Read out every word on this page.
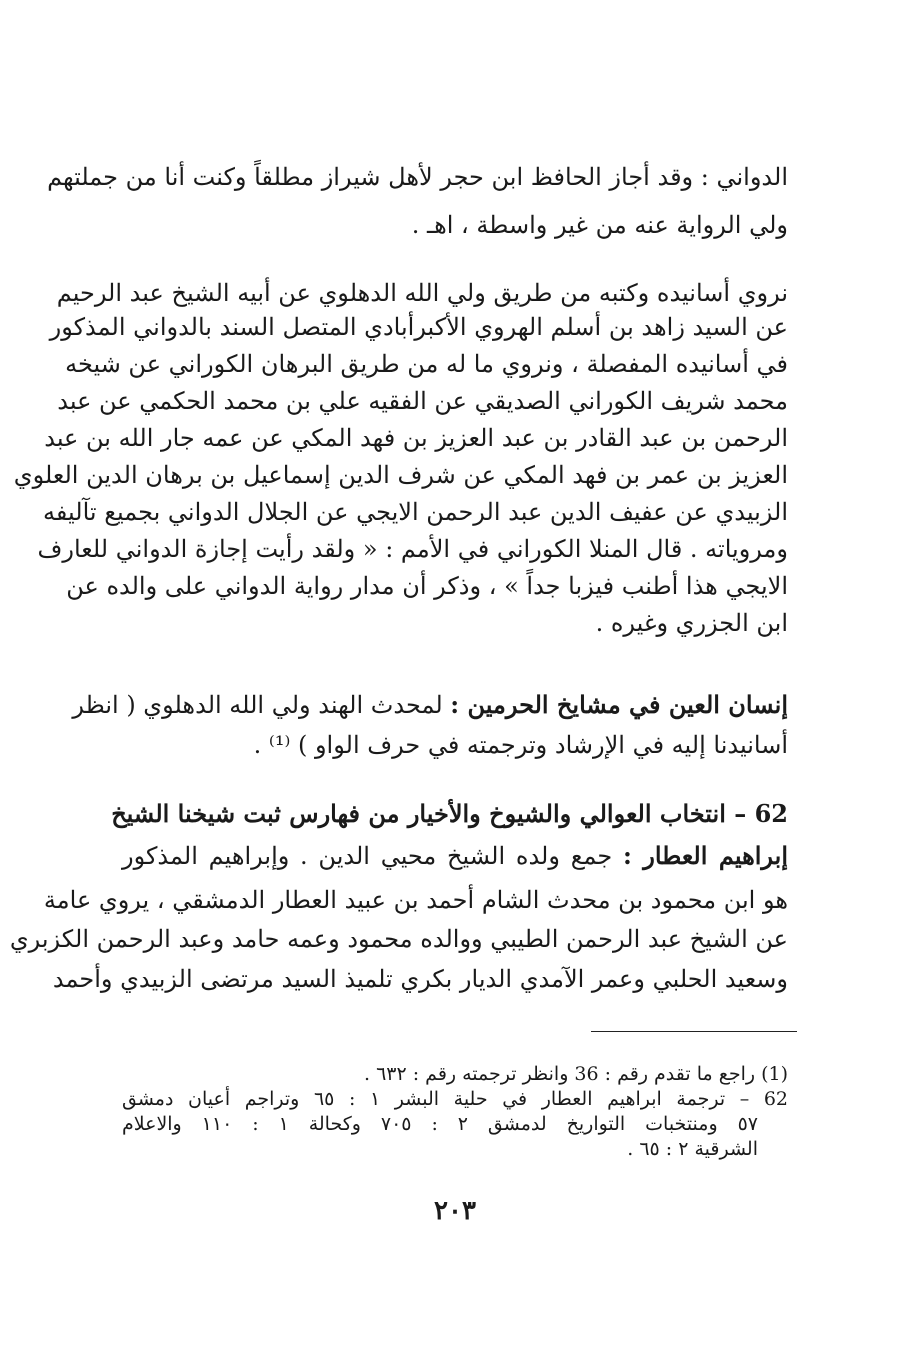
الدواني : وقد أجاز الحافظ ابن حجر لأهل شيراز مطلقاً وكنت أنا من جملتهم
ولي الرواية عنه من غير واسطة ، اهـ .
نروي أسانيده وكتبه من طريق ولي الله الدهلوي عن أبيه الشيخ عبد الرحيم
عن السيد زاهد بن أسلم الهروي الأكبرأبادي المتصل السند بالدواني المذكور
في أسانيده المفصلة ، ونروي ما له من طريق البرهان الكوراني عن شيخه
محمد شريف الكوراني الصديقي عن الفقيه علي بن محمد الحكمي عن عبد
الرحمن بن عبد القادر بن عبد العزيز بن فهد المكي عن عمه جار الله بن عبد
العزيز بن عمر بن فهد المكي عن شرف الدين إسماعيل بن برهان الدين العلوي
الزبيدي عن عفيف الدين عبد الرحمن الايجي عن الجلال الدواني بجميع تآليفه
ومروياته . قال المنلا الكوراني في الأمم : « ولقد رأيت إجازة الدواني للعارف
الايجي هذا أطنب فيزبا جداً » ، وذكر أن مدار رواية الدواني على والده عن
ابن الجزري وغيره .
إنسان العين في مشايخ الحرمين : لمحدث الهند ولي الله الدهلوي ( انظر
أسانيدنا إليه في الإرشاد وترجمته في حرف الواو ) ⁽¹⁾ .
62 – انتخاب العوالي والشيوخ والأخيار من فهارس ثبت شيخنا الشيخ
إبراهيم العطار : جمع ولده الشيخ محيي الدين . وإبراهيم المذكور
هو ابن محمود بن محدث الشام أحمد بن عبيد العطار الدمشقي ، يروي عامة
عن الشيخ عبد الرحمن الطيبي ووالده محمود وعمه حامد وعبد الرحمن الكزبري
وسعيد الحلبي وعمر الآمدي الديار بكري تلميذ السيد مرتضى الزبيدي وأحمد
(1) راجع ما تقدم رقم : 36 وانظر ترجمته رقم : ٦٣٢ .
62 – ترجمة ابراهيم العطار في حلية البشر ١ : ٦٥ وتراجم أعيان دمشق
٥٧ ومنتخبات التواريخ لدمشق ٢ : ٧٠٥ وكحالة ١ : ١١٠ والاعلام
الشرقية ٢ : ٦٥ .
٢٠٣
